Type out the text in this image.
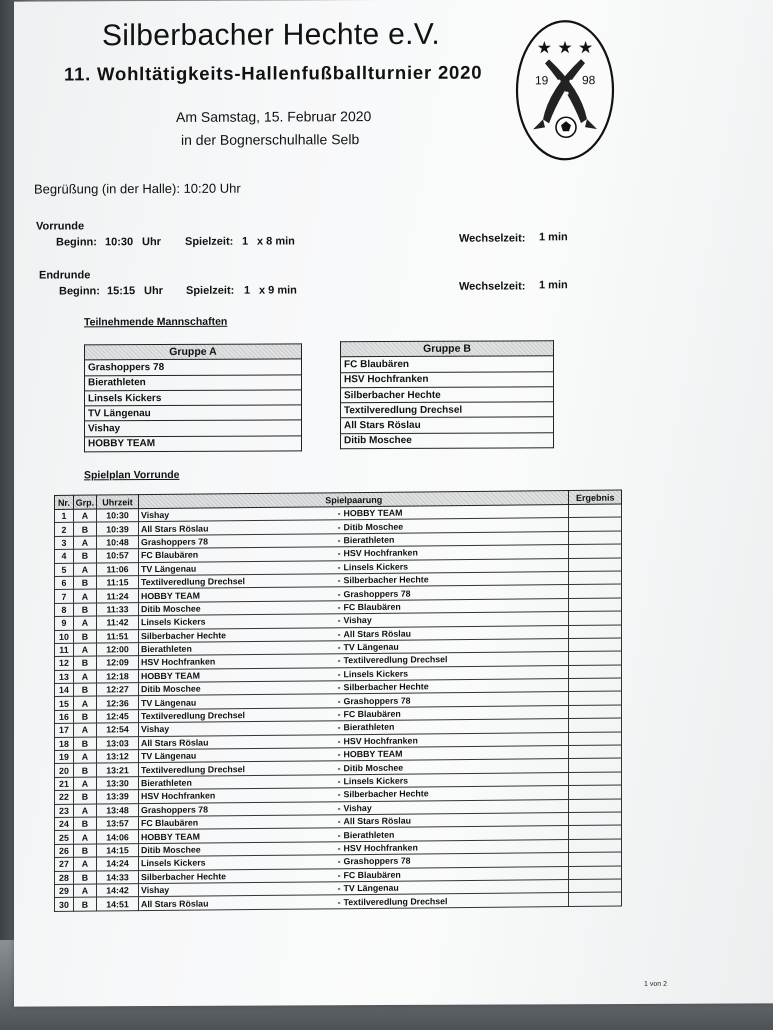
Silberbacher Hechte e.V.
11. Wohltätigkeits-Hallenfußballturnier 2020
Am Samstag, 15. Februar 2020
in der Bognerschulhalle Selb
★ ★ ★
19	98
Begrüßung (in der Halle): 10:20 Uhr
Vorrunde
Beginn: 10:30 Uhr Spielzeit: 1 x 8 min	Wechselzeit: 1 min
Endrunde
Beginn: 15:15 Uhr Spielzeit: 1 x 9 min	Wechselzeit: 1 min
Teilnehmende Mannschaften
Gruppe A
Grashoppers 78
Bierathleten
Linsels Kickers
TV Längenau
Vishay
HOBBY TEAM
Gruppe B
FC Blaubären
HSV Hochfranken
Silberbacher Hechte
Textilveredlung Drechsel
All Stars Röslau
Ditib Moschee
Spielplan Vorrunde
Nr.	Grp.	Uhrzeit	Spielpaarung		Ergebnis
1	A	10:30	Vishay	- HOBBY TEAM	
2	B	10:39	All Stars Röslau	- Ditib Moschee	
3	A	10:48	Grashoppers 78	- Bierathleten	
4	B	10:57	FC Blaubären	- HSV Hochfranken	
5	A	11:06	TV Längenau	- Linsels Kickers	
6	B	11:15	Textilveredlung Drechsel	- Silberbacher Hechte	
7	A	11:24	HOBBY TEAM	- Grashoppers 78	
8	B	11:33	Ditib Moschee	- FC Blaubären	
9	A	11:42	Linsels Kickers	- Vishay	
10	B	11:51	Silberbacher Hechte	- All Stars Röslau	
11	A	12:00	Bierathleten	- TV Längenau	
12	B	12:09	HSV Hochfranken	- Textilveredlung Drechsel	
13	A	12:18	HOBBY TEAM	- Linsels Kickers	
14	B	12:27	Ditib Moschee	- Silberbacher Hechte	
15	A	12:36	TV Längenau	- Grashoppers 78	
16	B	12:45	Textilveredlung Drechsel	- FC Blaubären	
17	A	12:54	Vishay	- Bierathleten	
18	B	13:03	All Stars Röslau	- HSV Hochfranken	
19	A	13:12	TV Längenau	- HOBBY TEAM	
20	B	13:21	Textilveredlung Drechsel	- Ditib Moschee	
21	A	13:30	Bierathleten	- Linsels Kickers	
22	B	13:39	HSV Hochfranken	- Silberbacher Hechte	
23	A	13:48	Grashoppers 78	- Vishay	
24	B	13:57	FC Blaubären	- All Stars Röslau	
25	A	14:06	HOBBY TEAM	- Bierathleten	
26	B	14:15	Ditib Moschee	- HSV Hochfranken	
27	A	14:24	Linsels Kickers	- Grashoppers 78	
28	B	14:33	Silberbacher Hechte	- FC Blaubären	
29	A	14:42	Vishay	- TV Längenau	
30	B	14:51	All Stars Röslau	- Textilveredlung Drechsel	
1 von 2
